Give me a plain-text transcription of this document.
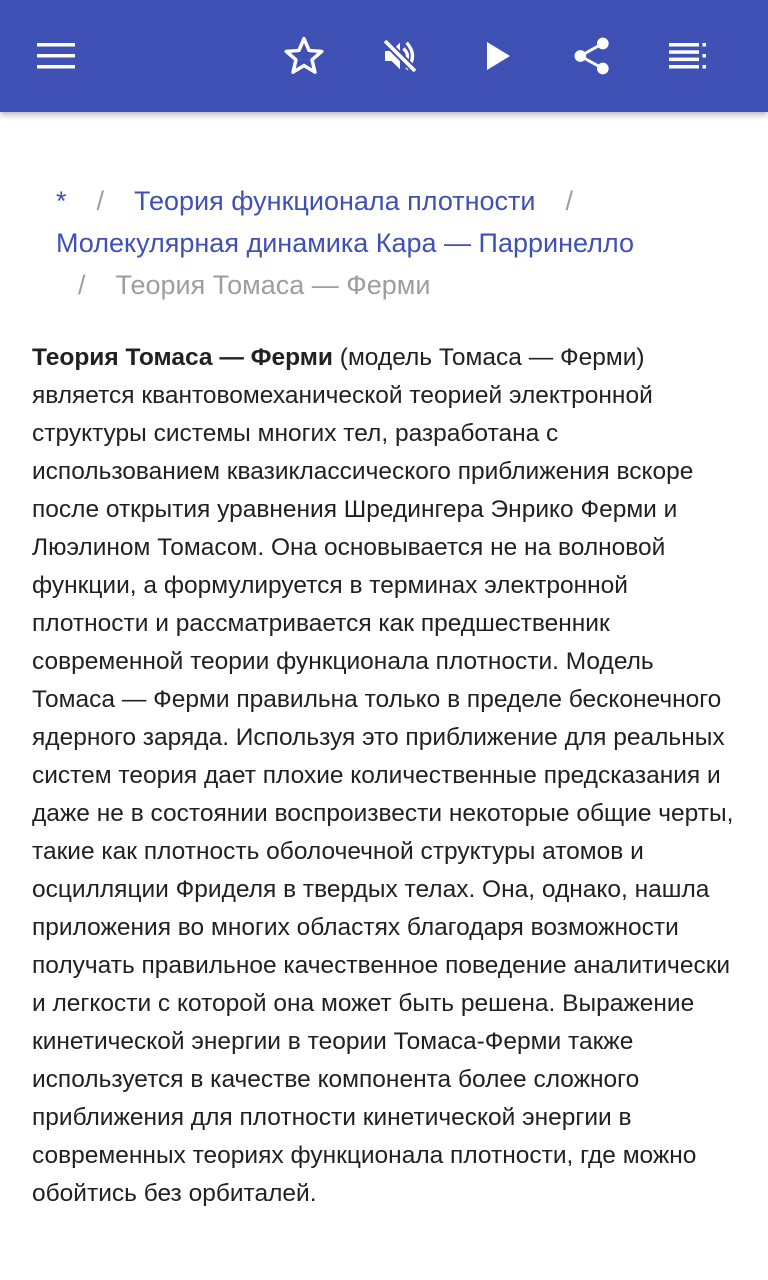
* / Теория функционала плотности /
Молекулярная динамика Кара — Парринелло
/ Теория Томаса — Ферми

Теория Томаса — Ферми (модель Томаса — Ферми) является квантовомеханической теорией электронной структуры системы многих тел, разработана с использованием квазиклассического приближения вскоре после открытия уравнения Шредингера Энрико Ферми и Люэлином Томасом. Она основывается не на волновой функции, а формулируется в терминах электронной плотности и рассматривается как предшественник современной теории функционала плотности. Модель Томаса — Ферми правильна только в пределе бесконечного ядерного заряда. Используя это приближение для реальных систем теория дает плохие количественные предсказания и даже не в состоянии воспроизвести некоторые общие черты, такие как плотность оболочечной структуры атомов и осцилляции Фриделя в твердых телах. Она, однако, нашла приложения во многих областях благодаря возможности получать правильное качественное поведение аналитически и легкости с которой она может быть решена. Выражение кинетической энергии в теории Томаса-Ферми также используется в качестве компонента более сложного приближения для плотности кинетической энергии в современных теориях функционала плотности, где можно обойтись без орбиталей.
